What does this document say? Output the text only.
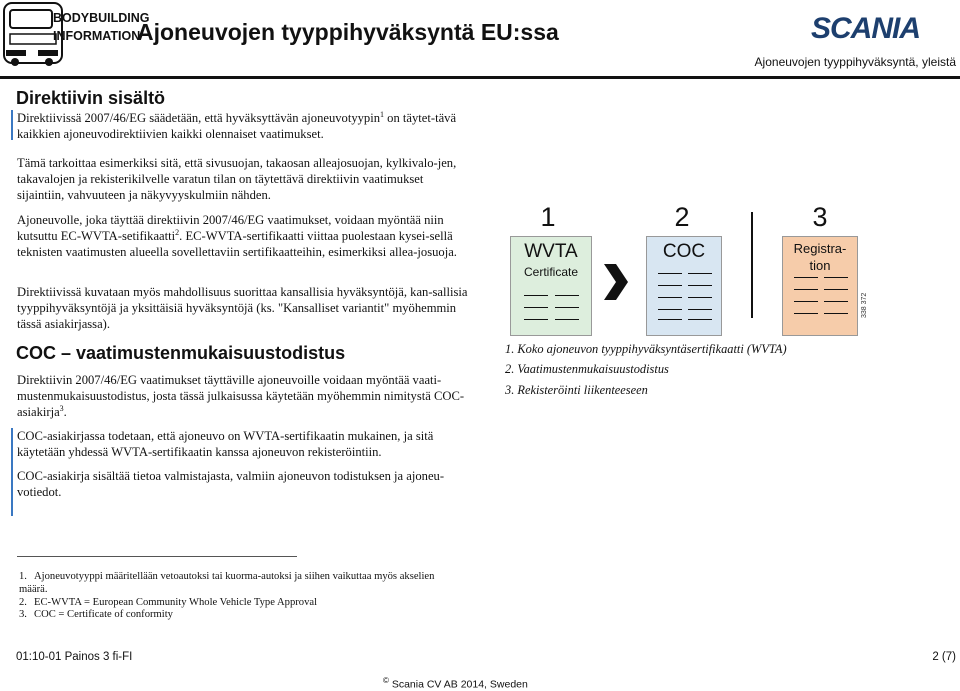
BODYBUILDING
INFORMATION
Ajoneuvojen tyyppihyväksyntä EU:ssa	SCANIA
Ajoneuvojen tyyppihyväksyntä, yleistä
Direktiivin sisältö
Direktiivissä 2007/46/EG säädetään, että hyväksyttävän ajoneuvotyypin$^1$ on täytet-tävä kaikkien ajoneuvodirektiivien kaikki olennaiset vaatimukset.
Tämä tarkoittaa esimerkiksi sitä, että sivusuojan, takaosan alleajosuojan, kylkivalo-jen, takavalojen ja rekisterikilvelle varatun tilan on täytettävä direktiivin vaatimukset sijaintiin, vahvuuteen ja näkyvyyskulmiin nähden.
Ajoneuvolle, joka täyttää direktiivin 2007/46/EG vaatimukset, voidaan myöntää niin kutsuttu EC-WVTA-setifikaatti$^2$. EC-WVTA-sertifikaatti viittaa puolestaan kysei-sellä teknisten vaatimusten alueella sovellettaviin sertifikaatteihin, esimerkiksi allea-josuoja.
Direktiivissä kuvataan myös mahdollisuus suorittaa kansallisia hyväksyntöjä, kan-sallisia tyyppihyväksyntöjä ja yksittäisiä hyväksyntöjä (ks. "Kansalliset variantit" myöhemmin tässä asiakirjassa).
COC – vaatimustenmukaisuustodistus
Direktiivin 2007/46/EG vaatimukset täyttäville ajoneuvoille voidaan myöntää vaati-mustenmukaisuustodistus, josta tässä julkaisussa käytetään myöhemmin nimitystä COC-asiakirja$^3$.
COC-asiakirjassa todetaan, että ajoneuvo on WVTA-sertifikaatin mukainen, ja sitä käytetään yhdessä WVTA-sertifikaatin kanssa ajoneuvon rekisteröintiin.
COC-asiakirja sisältää tietoa valmistajasta, valmiin ajoneuvon todistuksen ja ajoneu-votiedot.
1	2	3
WVTA
Certificate
COC	Registra-
tion
338 372
1. Koko ajoneuvon tyyppihyväksyntäsertifikaatti (WVTA)
2. Vaatimustenmukaisuustodistus
3. Rekisteröinti liikenteeseen
1. Ajoneuvotyyppi määritellään vetoautoksi tai kuorma-autoksi ja siihen vaikuttaa myös akselien määrä.
2. EC-WVTA = European Community Whole Vehicle Type Approval
3. COC = Certificate of conformity
01:10-01 Painos 3 fi-FI	2 (7)
© Scania CV AB 2014, Sweden
